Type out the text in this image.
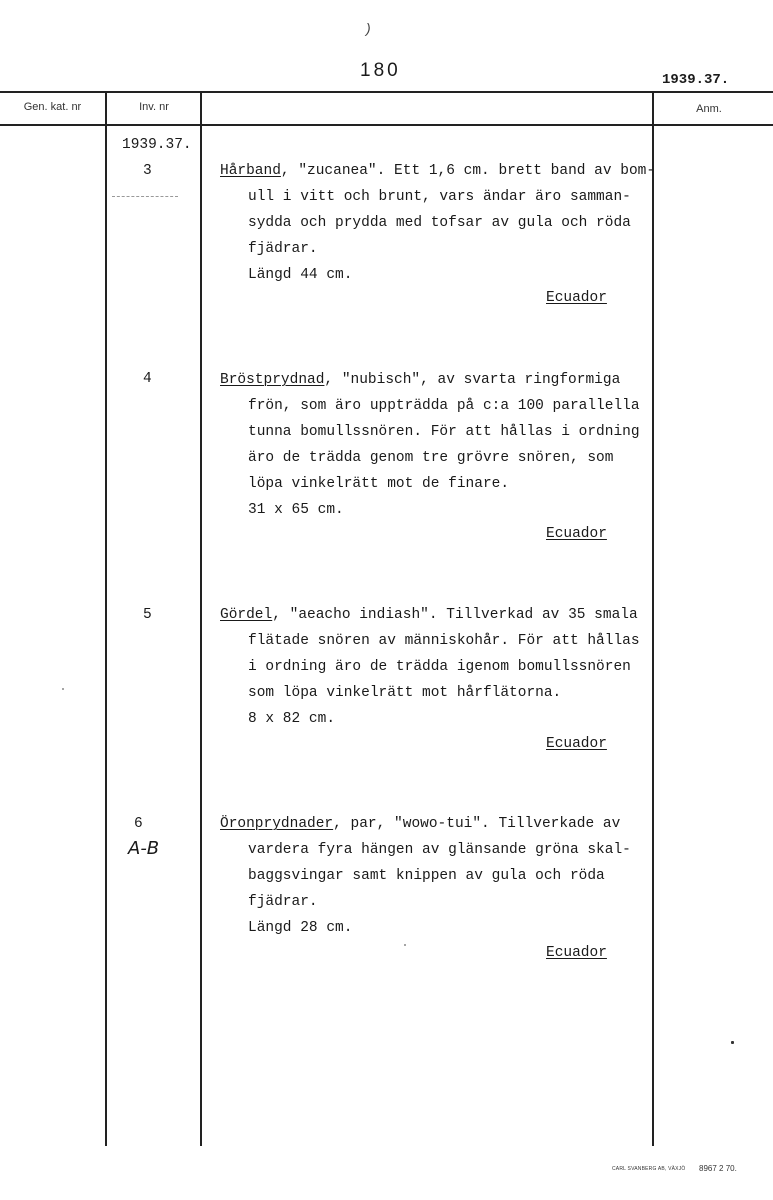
)
180	1939.37.
Gen. kat. nr	Inv. nr	Anm.
1939.37.
3	Hårband, "zucanea". Ett 1,6 cm. brett band av bom-
ull i vitt och brunt, vars ändar äro samman-
sydda och prydda med tofsar av gula och röda
fjädrar.
Längd 44 cm.
Ecuador
4	Bröstprydnad, "nubisch", av svarta ringformiga
frön, som äro uppträdda på c:a 100 parallella
tunna bomullssnören. För att hållas i ordning
äro de trädda genom tre grövre snören, som
löpa vinkelrätt mot de finare.
31 x 65 cm.
Ecuador
5	Gördel, "aeacho indiash". Tillverkad av 35 smala
flätade snören av människohår. För att hållas
i ordning äro de trädda igenom bomullssnören
som löpa vinkelrätt mot hårflätorna.
8 x 82 cm.
Ecuador
6
A-B
Öronprydnader, par, "wowo-tui". Tillverkade av
vardera fyra hängen av glänsande gröna skal-
baggsvingar samt knippen av gula och röda
fjädrar.
Längd 28 cm.
Ecuador
CARL SVANBERG AB, VÄXJÖ 8967 2 70.
